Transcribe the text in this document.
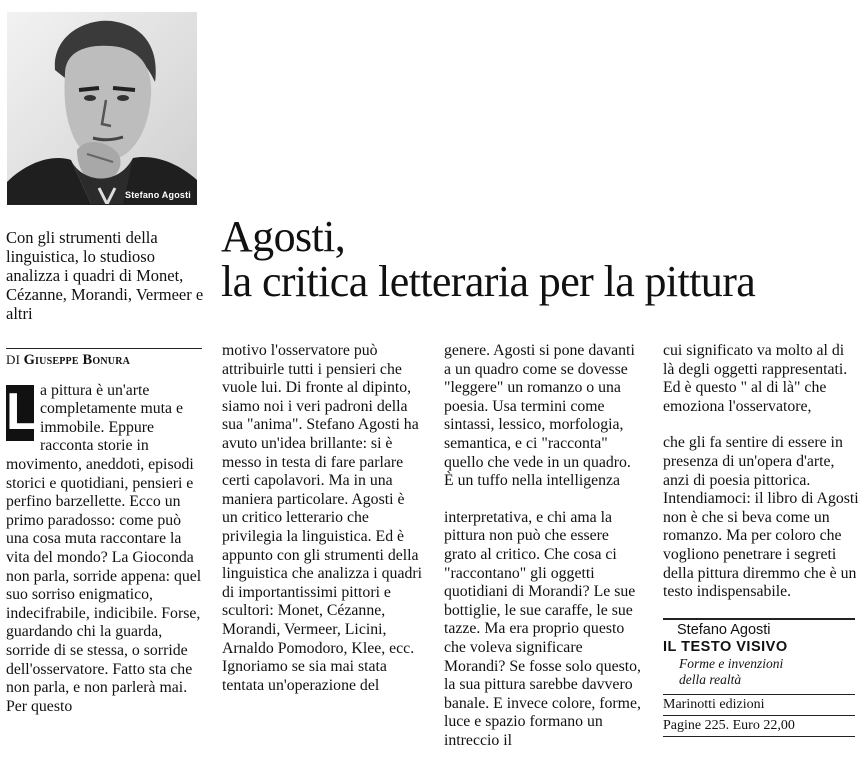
Stefano Agosti
Con gli strumenti della linguistica, lo studioso analizza i quadri di Monet, Cézanne, Morandi, Vermeer e altri
Agosti,
la critica letteraria per la pittura
DI Giuseppe Bonura

L a pittura è un'arte completamente muta e immobile. Eppure racconta storie in movimento, aneddoti, episodi storici e quotidiani, pensieri e perfino barzellette. Ecco un primo paradosso: come può una cosa muta raccontare la vita del mondo? La Gioconda non parla, sorride appena: quel suo sorriso enigmatico, indecifrabile, indicibile. Forse, guardando chi la guarda, sorride di se stessa, o sorride dell'osservatore. Fatto sta che non parla, e non parlerà mai. Per questo

motivo l'osservatore può attribuirle tutti i pensieri che vuole lui. Di fronte al dipinto, siamo noi i veri padroni della sua "anima". Stefano Agosti ha avuto un'idea brillante: si è messo in testa di fare parlare certi capolavori. Ma in una maniera particolare. Agosti è un critico letterario che privilegia la linguistica. Ed è appunto con gli strumenti della linguistica che analizza i quadri di importantissimi pittori e scultori: Monet, Cézanne, Morandi, Vermeer, Licini, Arnaldo Pomodoro, Klee, ecc. Ignoriamo se sia mai stata tentata un'operazione del

genere. Agosti si pone davanti a un quadro come se dovesse "leggere" un romanzo o una poesia. Usa termini come sintassi, lessico, morfologia, semantica, e ci "racconta" quello che vede in un quadro. È un tuffo nella intelligenza

interpretativa, e chi ama la pittura non può che essere grato al critico. Che cosa ci "raccontano" gli oggetti quotidiani di Morandi? Le sue bottiglie, le sue caraffe, le sue tazze. Ma era proprio questo che voleva significare Morandi? Se fosse solo questo, la sua pittura sarebbe davvero banale. E invece colore, forme, luce e spazio formano un intreccio il

cui significato va molto al di là degli oggetti rappresentati. Ed è questo " al di là" che emoziona l'osservatore,

che gli fa sentire di essere in presenza di un'opera d'arte, anzi di poesia pittorica. Intendiamoci: il libro di Agosti non è che si beva come un romanzo. Ma per coloro che vogliono penetrare i segreti della pittura diremmo che è un testo indispensabile.

Stefano Agosti
IL TESTO VISIVO
Forme e invenzioni
della realtà
Marinotti edizioni
Pagine 225. Euro 22,00
